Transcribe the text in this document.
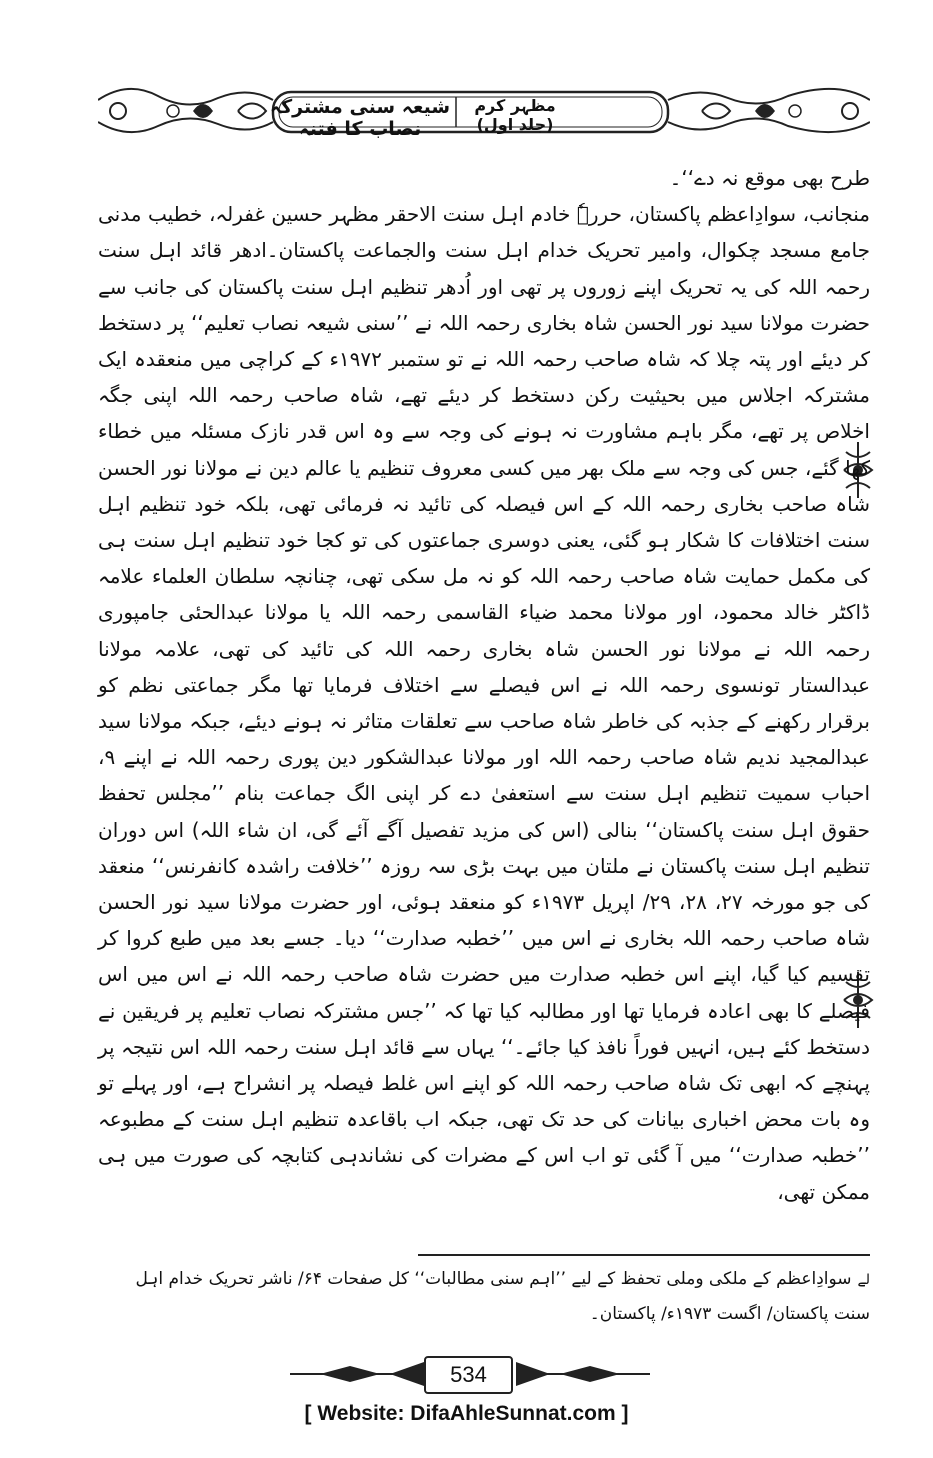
شیعہ سنی مشترکہ نصاب کا فتنہ
مظہر کرم (جلد اول)

طرح بھی موقع نہ دے‘‘۔

منجانب، سوادِاعظم پاکستان، حررہٗ خادم اہل سنت الاحقر مظہر حسین غفرلہ، خطیب مدنی جامع مسجد چکوال، وامیر تحریک خدام اہل سنت والجماعت پاکستان۔ادھر قائد اہل سنت رحمہ اللہ کی یہ تحریک اپنے زوروں پر تھی اور اُدھر تنظیم اہل سنت پاکستان کی جانب سے حضرت مولانا سید نور الحسن شاہ بخاری رحمہ اللہ نے ’’سنی شیعہ نصاب تعلیم‘‘ پر دستخط کر دیئے اور پتہ چلا کہ شاہ صاحب رحمہ اللہ نے تو ستمبر ۱۹۷۲ء کے کراچی میں منعقدہ ایک مشترکہ اجلاس میں بحیثیت رکن دستخط کر دیئے تھے، شاہ صاحب رحمہ اللہ اپنی جگہ اخلاص پر تھے، مگر باہم مشاورت نہ ہونے کی وجہ سے وہ اس قدر نازک مسئلہ میں خطاء کھا گئے، جس کی وجہ سے ملک بھر میں کسی معروف تنظیم یا عالم دین نے مولانا نور الحسن شاہ صاحب بخاری رحمہ اللہ کے اس فیصلہ کی تائید نہ فرمائی تھی، بلکہ خود تنظیم اہل سنت اختلافات کا شکار ہو گئی، یعنی دوسری جماعتوں کی تو کجا خود تنظیم اہل سنت ہی کی مکمل حمایت شاہ صاحب رحمہ اللہ کو نہ مل سکی تھی، چنانچہ سلطان العلماء علامہ ڈاکٹر خالد محمود، اور مولانا محمد ضیاء القاسمی رحمہ اللہ یا مولانا عبدالحئی جامپوری رحمہ اللہ نے مولانا نور الحسن شاہ بخاری رحمہ اللہ کی تائید کی تھی، علامہ مولانا عبدالستار تونسوی رحمہ اللہ نے اس فیصلے سے اختلاف فرمایا تھا مگر جماعتی نظم کو برقرار رکھنے کے جذبہ کی خاطر شاہ صاحب سے تعلقات متاثر نہ ہونے دیئے، جبکہ مولانا سید عبدالمجید ندیم شاہ صاحب رحمہ اللہ اور مولانا عبدالشکور دین پوری رحمہ اللہ نے اپنے ۹، احباب سمیت تنظیم اہل سنت سے استعفیٰ دے کر اپنی الگ جماعت بنام ’’مجلس تحفظ حقوق اہل سنت پاکستان‘‘ بنالی (اس کی مزید تفصیل آگے آئے گی، ان شاء اللہ) اس دوران تنظیم اہل سنت پاکستان نے ملتان میں بہت بڑی سہ روزہ ’’خلافت راشدہ کانفرنس‘‘ منعقد کی جو مورخہ ۲۷، ۲۸، ۲۹/ اپریل ۱۹۷۳ء کو منعقد ہوئی، اور حضرت مولانا سید نور الحسن شاہ صاحب رحمہ اللہ بخاری نے اس میں ’’خطبہ صدارت‘‘ دیا۔ جسے بعد میں طبع کروا کر تقسیم کیا گیا، اپنے اس خطبہ صدارت میں حضرت شاہ صاحب رحمہ اللہ نے اس میں اس فیصلے کا بھی اعادہ فرمایا تھا اور مطالبہ کیا تھا کہ ’’جس مشترکہ نصاب تعلیم پر فریقین نے دستخط کئے ہیں، انہیں فوراً نافذ کیا جائے۔‘‘ یہاں سے قائد اہل سنت رحمہ اللہ اس نتیجہ پر پہنچے کہ ابھی تک شاہ صاحب رحمہ اللہ کو اپنے اس غلط فیصلہ پر انشراح ہے، اور پہلے تو وہ بات محض اخباری بیانات کی حد تک تھی، جبکہ اب باقاعدہ تنظیم اہل سنت کے مطبوعہ ’’خطبہ صدارت‘‘ میں آ گئی تو اب اس کے مضرات کی نشاندہی کتابچہ کی صورت میں ہی ممکن تھی،

لےسوادِاعظم کے ملکی وملی تحفظ کے لیے ’’اہم سنی مطالبات‘‘ کل صفحات ۶۴/ ناشر تحریک خدام اہل سنت پاکستان/ اگست ۱۹۷۳ء/ پاکستان۔
534
[ Website: DifaAhleSunnat.com ]
